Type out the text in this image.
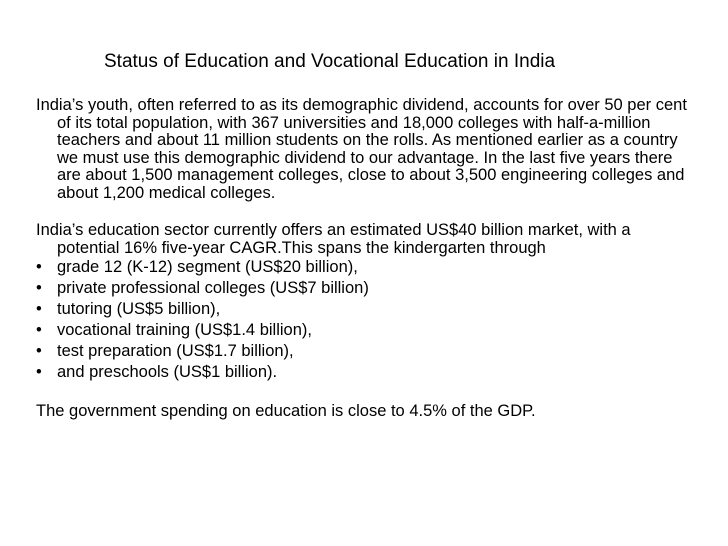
Status of Education and Vocational Education in India

India’s youth, often referred to as its demographic dividend, accounts for over 50 per cent of its total population, with 367 universities and 18,000 colleges with half-a-million teachers and about 11 million students on the rolls. As mentioned earlier as a country we must use this demographic dividend to our advantage. In the last five years there are about 1,500 management colleges, close to about 3,500 engineering colleges and about 1,200 medical colleges.

India’s education sector currently offers an estimated US$40 billion market, with a potential 16% five-year CAGR.This spans the kindergarten through

• grade 12 (K-12) segment (US$20 billion),
• private professional colleges (US$7 billion)
• tutoring (US$5 billion),
• vocational training (US$1.4 billion),
• test preparation (US$1.7 billion),
• and preschools (US$1 billion).

The government spending on education is close to 4.5% of the GDP.
